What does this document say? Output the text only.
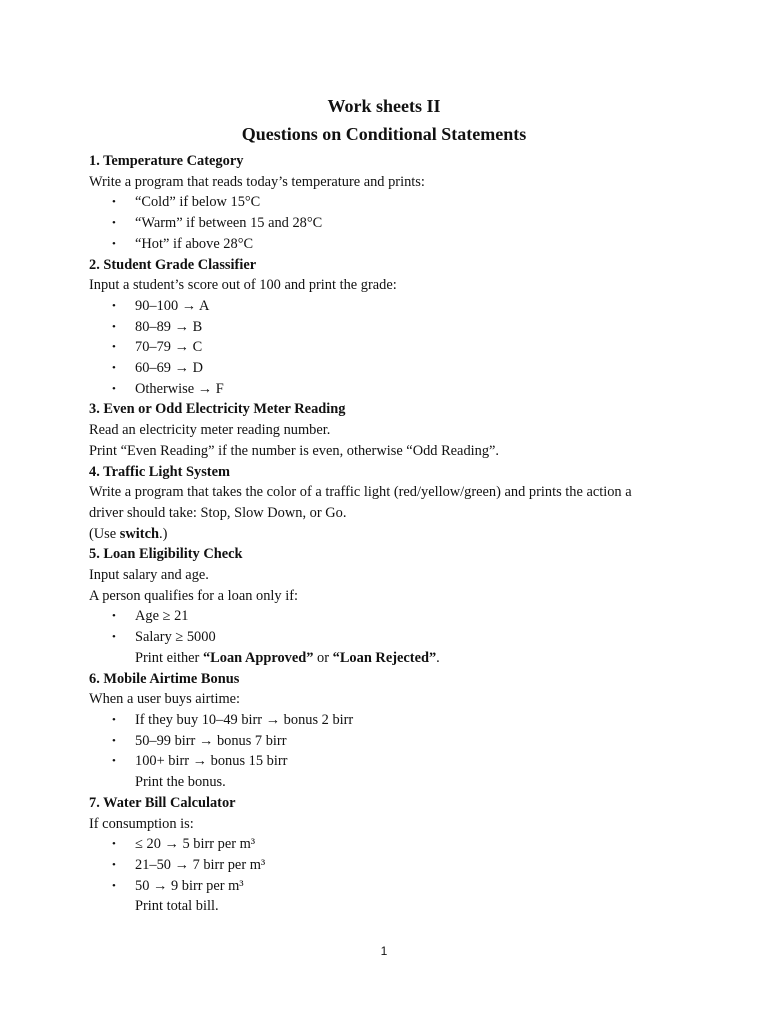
Work sheets II

Questions on Conditional Statements

1. Temperature Category

Write a program that reads today’s temperature and prints:

• “Cold” if below 15°C
• “Warm” if between 15 and 28°C
• “Hot” if above 28°C

2. Student Grade Classifier

Input a student’s score out of 100 and print the grade:

• 90–100 → A
• 80–89 → B
• 70–79 → C
• 60–69 → D
• Otherwise → F

3. Even or Odd Electricity Meter Reading

Read an electricity meter reading number.

Print “Even Reading” if the number is even, otherwise “Odd Reading”.

4. Traffic Light System

Write a program that takes the color of a traffic light (red/yellow/green) and prints the action a

driver should take: Stop, Slow Down, or Go.

(Use switch.)

5. Loan Eligibility Check

Input salary and age.

A person qualifies for a loan only if:

• Age ≥ 21
• Salary ≥ 5000

Print either “Loan Approved” or “Loan Rejected”.

6. Mobile Airtime Bonus

When a user buys airtime:

• If they buy 10–49 birr → bonus 2 birr
• 50–99 birr → bonus 7 birr
• 100+ birr → bonus 15 birr

Print the bonus.

7. Water Bill Calculator

If consumption is:

• ≤ 20 → 5 birr per m³
• 21–50 → 7 birr per m³
• 50 → 9 birr per m³

Print total bill.

1
